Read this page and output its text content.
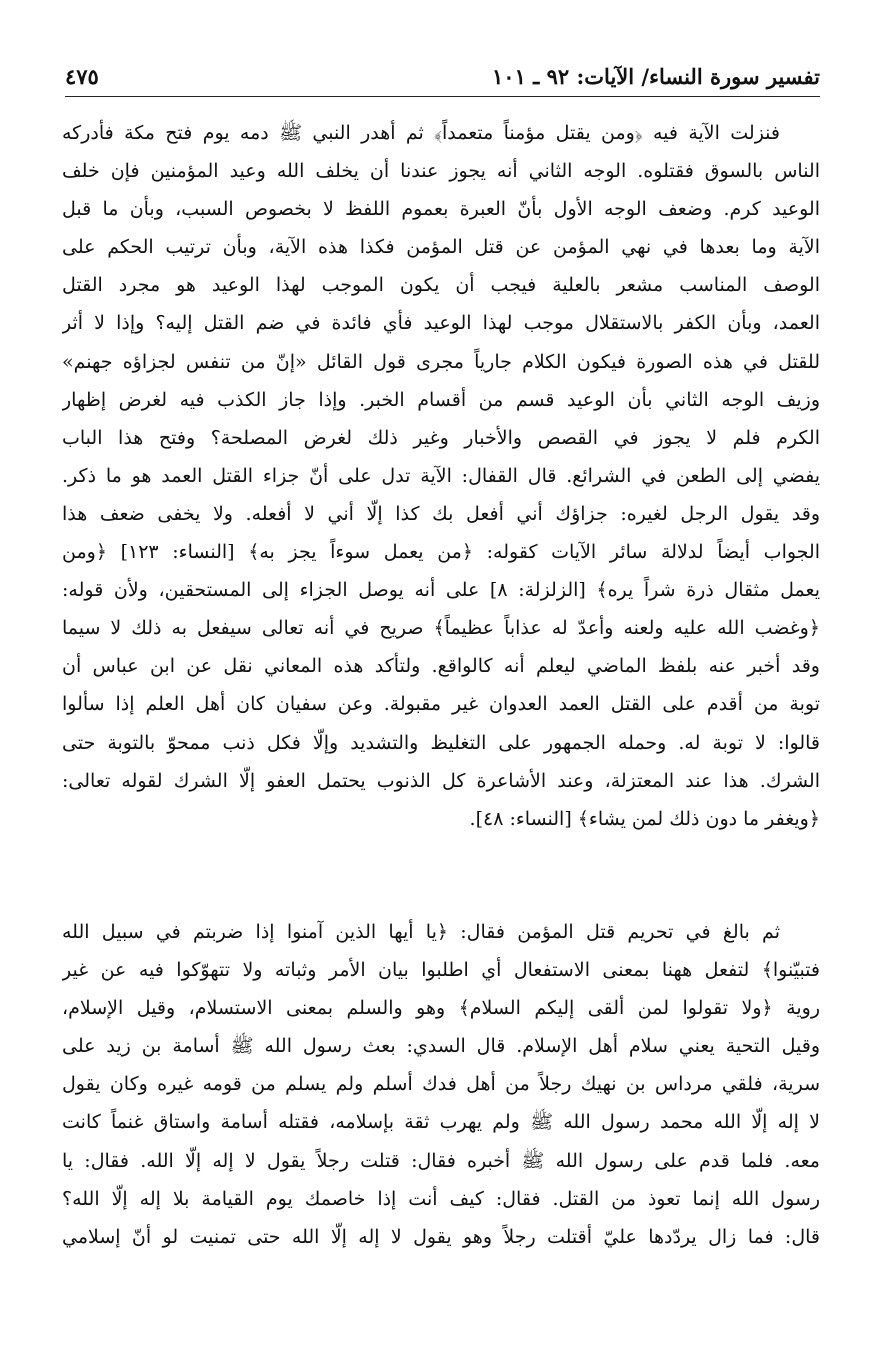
تفسير سورة النساء/ الآيات: ٩٢ ـ ١٠١
٤٧٥
فنزلت الآية فيه ﴿ومن يقتل مؤمناً متعمداً﴾ ثم أهدر النبي ﷺ دمه يوم فتح مكة فأدركه
الناس بالسوق فقتلوه. الوجه الثاني أنه يجوز عندنا أن يخلف الله وعيد المؤمنين فإن خلف
الوعيد كرم. وضعف الوجه الأول بأنّ العبرة بعموم اللفظ لا بخصوص السبب، وبأن ما قبل
الآية وما بعدها في نهي المؤمن عن قتل المؤمن فكذا هذه الآية، وبأن ترتيب الحكم على
الوصف المناسب مشعر بالعلية فيجب أن يكون الموجب لهذا الوعيد هو مجرد القتل
العمد، وبأن الكفر بالاستقلال موجب لهذا الوعيد فأي فائدة في ضم القتل إليه؟ وإذا لا أثر
للقتل في هذه الصورة فيكون الكلام جارياً مجرى قول القائل «إنّ من تنفس لجزاؤه جهنم»
وزيف الوجه الثاني بأن الوعيد قسم من أقسام الخبر. وإذا جاز الكذب فيه لغرض إظهار
الكرم فلم لا يجوز في القصص والأخبار وغير ذلك لغرض المصلحة؟ وفتح هذا الباب
يفضي إلى الطعن في الشرائع. قال القفال: الآية تدل على أنّ جزاء القتل العمد هو ما ذكر.
وقد يقول الرجل لغيره: جزاؤك أني أفعل بك كذا إلّا أني لا أفعله. ولا يخفى ضعف هذا
الجواب أيضاً لدلالة سائر الآيات كقوله: ﴿من يعمل سوءاً يجز به﴾ [النساء: ١٢٣] ﴿ومن
يعمل مثقال ذرة شراً يره﴾ [الزلزلة: ٨] على أنه يوصل الجزاء إلى المستحقين، ولأن قوله:
﴿وغضب الله عليه ولعنه وأعدّ له عذاباً عظيماً﴾ صريح في أنه تعالى سيفعل به ذلك لا سيما
وقد أخبر عنه بلفظ الماضي ليعلم أنه كالواقع. ولتأكد هذه المعاني نقل عن ابن عباس أن
توبة من أقدم على القتل العمد العدوان غير مقبولة. وعن سفيان كان أهل العلم إذا سألوا
قالوا: لا توبة له. وحمله الجمهور على التغليظ والتشديد وإلّا فكل ذنب ممحوّ بالتوبة حتى
الشرك. هذا عند المعتزلة، وعند الأشاعرة كل الذنوب يحتمل العفو إلّا الشرك لقوله تعالى:
﴿ويغفر ما دون ذلك لمن يشاء﴾ [النساء: ٤٨].
ثم بالغ في تحريم قتل المؤمن فقال: ﴿يا أيها الذين آمنوا إذا ضربتم في سبيل الله
فتبيّنوا﴾ لتفعل ههنا بمعنى الاستفعال أي اطلبوا بيان الأمر وثباته ولا تتهوّكوا فيه عن غير
روية ﴿ولا تقولوا لمن ألقى إليكم السلام﴾ وهو والسلم بمعنى الاستسلام، وقيل الإسلام،
وقيل التحية يعني سلام أهل الإسلام. قال السدي: بعث رسول الله ﷺ أسامة بن زيد على
سرية، فلقي مرداس بن نهيك رجلاً من أهل فدك أسلم ولم يسلم من قومه غيره وكان يقول
لا إله إلّا الله محمد رسول الله ﷺ ولم يهرب ثقة بإسلامه، فقتله أسامة واستاق غنماً كانت
معه. فلما قدم على رسول الله ﷺ أخبره فقال: قتلت رجلاً يقول لا إله إلّا الله. فقال: يا
رسول الله إنما تعوذ من القتل. فقال: كيف أنت إذا خاصمك يوم القيامة بلا إله إلّا الله؟
قال: فما زال يردّدها عليّ أقتلت رجلاً وهو يقول لا إله إلّا الله حتى تمنيت لو أنّ إسلامي
